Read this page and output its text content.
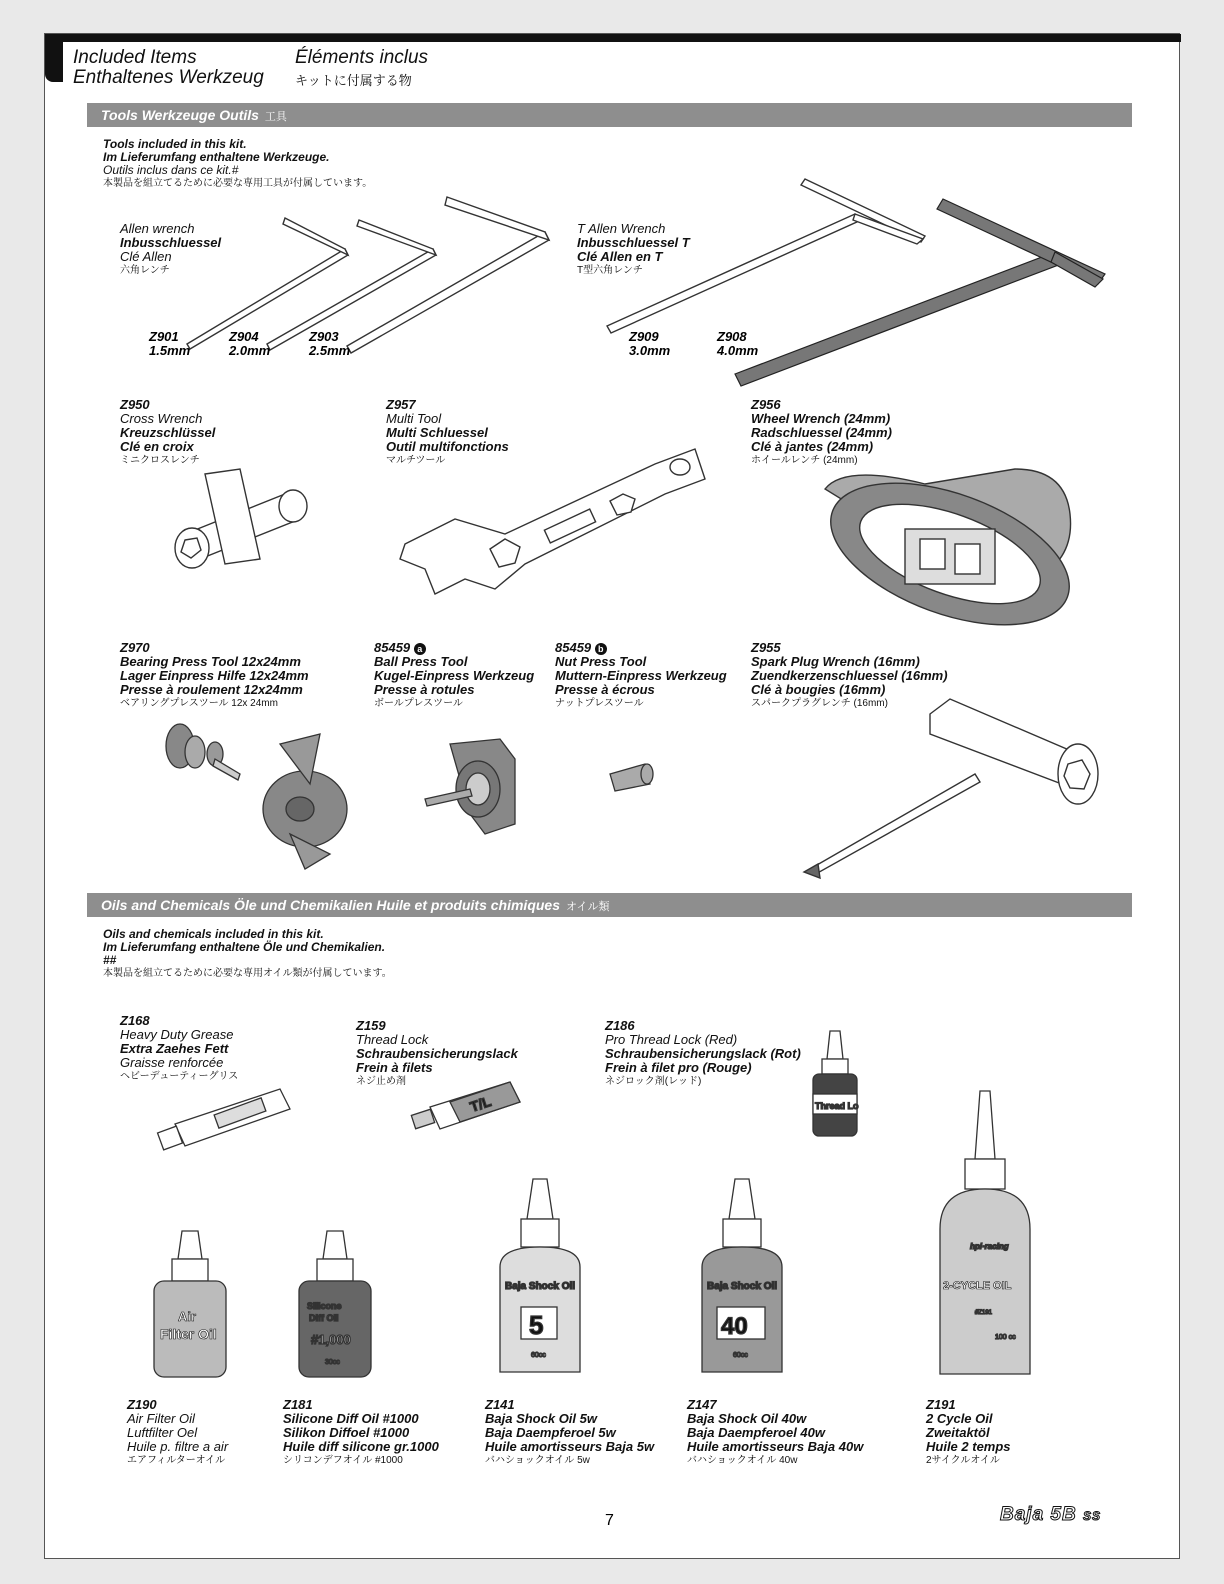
Included Items
Enthaltenes Werkzeug
Éléments inclus
キットに付属する物
Tools Werkzeuge Outils 工具
Tools included in this kit.
Im Lieferumfang enthaltene Werkzeuge.
Outils inclus dans ce kit.#
本製品を組立てるために必要な専用工具が付属しています。
Allen wrench
Inbusschluessel
Clé Allen
六角レンチ
Z901
1.5mm
Z904
2.0mm
Z903
2.5mm
T Allen Wrench
Inbusschluessel T
Clé Allen en T
T型六角レンチ
Z909
3.0mm
Z908
4.0mm
Z950
Cross Wrench
Kreuzschlüssel
Clé en croix
ミニクロスレンチ
Z957
Multi Tool
Multi Schluessel
Outil multifonctions
マルチツール
Z956
Wheel Wrench (24mm)
Radschluessel (24mm)
Clé à jantes (24mm)
ホイールレンチ (24mm)
Z970
Bearing Press Tool 12x24mm
Lager Einpress Hilfe 12x24mm
Presse à roulement 12x24mm
ベアリングプレスツール 12x 24mm
85459 a
Ball Press Tool
Kugel-Einpress Werkzeug
Presse à rotules
ボールプレスツール
85459 b
Nut Press Tool
Muttern-Einpress Werkzeug
Presse à écrous
ナットプレスツール
Z955
Spark Plug Wrench (16mm)
Zuendkerzenschluessel (16mm)
Clé à bougies (16mm)
スパークプラグレンチ (16mm)
Oils and Chemicals Öle und Chemikalien Huile et produits chimiques オイル類
Oils and chemicals included in this kit.
Im Lieferumfang enthaltene Öle und Chemikalien.
##
本製品を組立てるために必要な専用オイル類が付属しています。
Z168
Heavy Duty Grease
Extra Zaehes Fett
Graisse renforcée
ヘビーデューティーグリス
Z159
Thread Lock
Schraubensicherungslack
Frein à filets
ネジ止め剤
T/L
Z186
Pro Thread Lock (Red)
Schraubensicherungslack (Rot)
Frein à filet pro (Rouge)
ネジロック剤(レッド)
Thread Lo
Air
Filter Oil
Silicone
Diff Oil
#1,000
30cc
Baja Shock Oil
5
60cc
Baja Shock Oil
40
60cc
hpi·racing
2-CYCLE OIL
#Z191
100 cc
Z190
Air Filter Oil
Luftfilter Oel
Huile p. filtre a air
エアフィルターオイル
Z181
Silicone Diff Oil #1000
Silikon Diffoel #1000
Huile diff silicone gr.1000
シリコンデフオイル #1000
Z141
Baja Shock Oil 5w
Baja Daempferoel 5w
Huile amortisseurs Baja 5w
バハショックオイル 5w
Z147
Baja Shock Oil 40w
Baja Daempferoel 40w
Huile amortisseurs Baja 40w
バハショックオイル 40w
Z191
2 Cycle Oil
Zweitaktöl
Huile 2 temps
2サイクルオイル
7	Baja 5B SS
